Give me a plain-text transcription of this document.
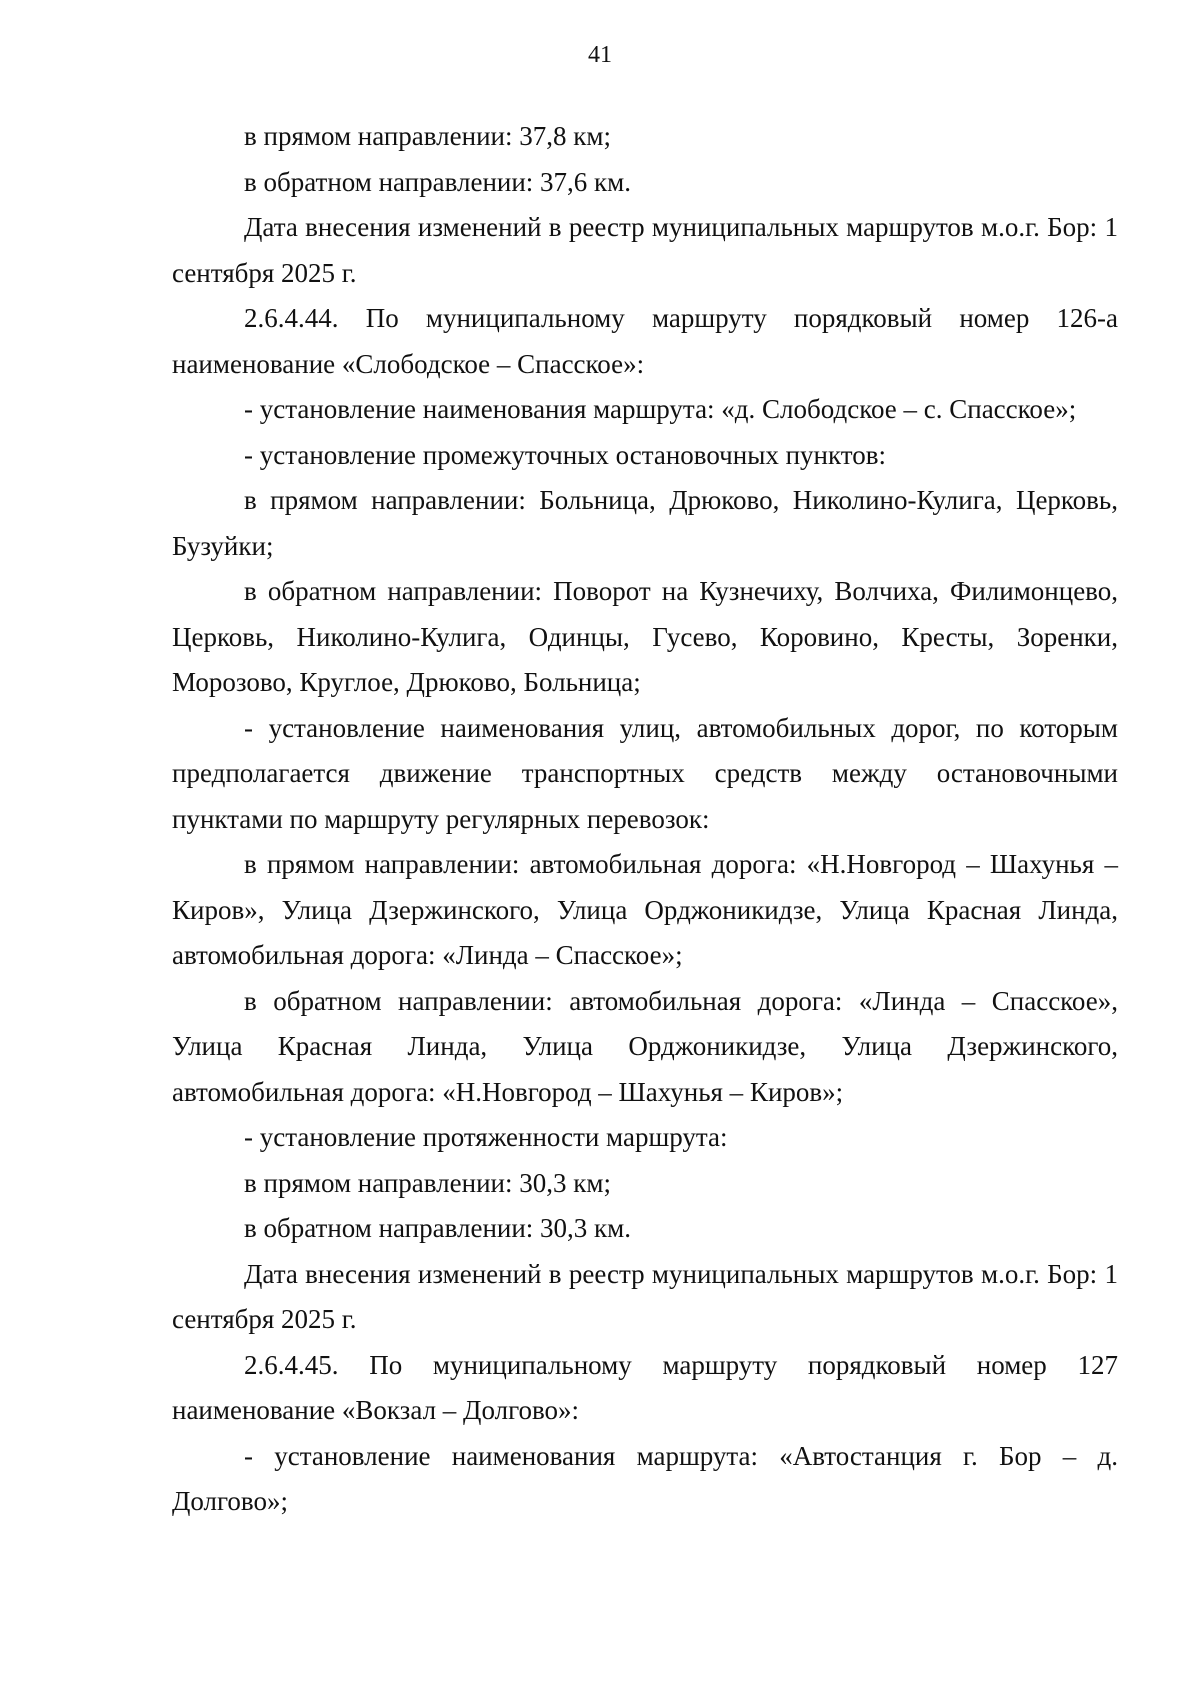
41

в прямом направлении: 37,8 км;

в обратном направлении: 37,6 км.

Дата внесения изменений в реестр муниципальных маршрутов м.о.г. Бор: 1 сентября 2025 г.

2.6.4.44. По муниципальному маршруту порядковый номер 126-а наименование «Слободское – Спасское»:

- установление наименования маршрута: «д. Слободское – с. Спасское»;

- установление промежуточных остановочных пунктов:

в прямом направлении: Больница, Дрюково, Николино-Кулига, Церковь, Бузуйки;

в обратном направлении: Поворот на Кузнечиху, Волчиха, Филимонцево, Церковь, Николино-Кулига, Одинцы, Гусево, Коровино, Кресты, Зоренки, Морозово, Круглое, Дрюково, Больница;

- установление наименования улиц, автомобильных дорог, по которым предполагается движение транспортных средств между остановочными пунктами по маршруту регулярных перевозок:

в прямом направлении: автомобильная дорога: «Н.Новгород – Шахунья – Киров», Улица Дзержинского, Улица Орджоникидзе, Улица Красная Линда, автомобильная дорога: «Линда – Спасское»;

в обратном направлении: автомобильная дорога: «Линда – Спасское», Улица Красная Линда, Улица Орджоникидзе, Улица Дзержинского, автомобильная дорога: «Н.Новгород – Шахунья – Киров»;

- установление протяженности маршрута:

в прямом направлении: 30,3 км;

в обратном направлении: 30,3 км.

Дата внесения изменений в реестр муниципальных маршрутов м.о.г. Бор: 1 сентября 2025 г.

2.6.4.45. По муниципальному маршруту порядковый номер 127 наименование «Вокзал – Долгово»:

- установление наименования маршрута: «Автостанция г. Бор – д. Долгово»;
